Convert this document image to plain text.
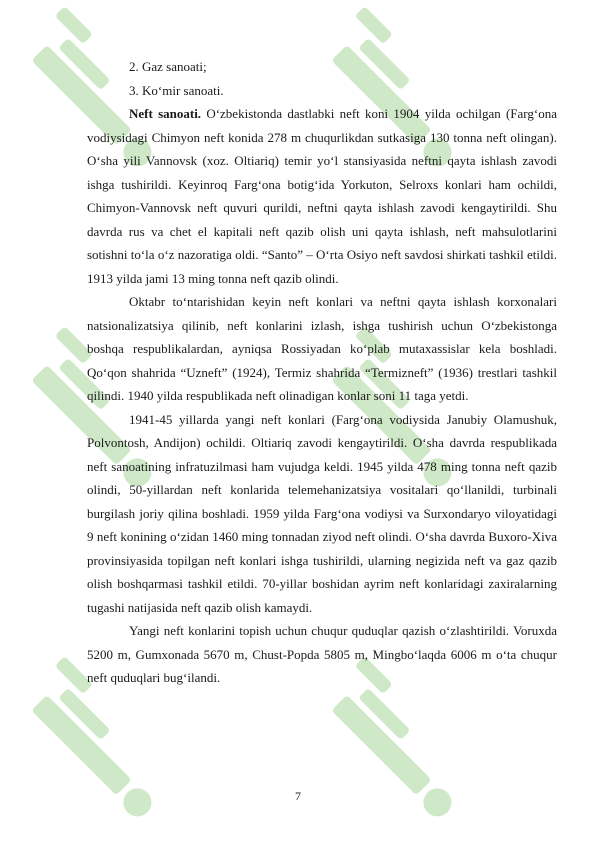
2. Gaz sanoati;

3. Ko‘mir sanoati.

Neft sanoati. O‘zbekistonda dastlabki neft koni 1904 yilda ochilgan (Farg‘ona vodiysidagi Chimyon neft konida 278 m chuqurlikdan sutkasiga 130 tonna neft olingan). O‘sha yili Vannovsk (xoz. Oltiariq) temir yo‘l stansiyasida neftni qayta ishlash zavodi ishga tushirildi. Keyinroq Farg‘ona botig‘ida Yorkuton, Selroxs konlari ham ochildi, Chimyon-Vannovsk neft quvuri qurildi, neftni qayta ishlash zavodi kengaytirildi. Shu davrda rus va chet el kapitali neft qazib olish uni qayta ishlash, neft mahsulotlarini sotishni to‘la o‘z nazoratiga oldi. “Santo” – O‘rta Osiyo neft savdosi shirkati tashkil etildi. 1913 yilda jami 13 ming tonna neft qazib olindi.

Oktabr to‘ntarishidan keyin neft konlari va neftni qayta ishlash korxonalari natsionalizatsiya qilinib, neft konlarini izlash, ishga tushirish uchun O‘zbekistonga boshqa respublikalardan, ayniqsa Rossiyadan ko‘plab mutaxassislar kela boshladi. Qo‘qon shahrida “Uzneft” (1924), Termiz shahrida “Termizneft” (1936) trestlari tashkil qilindi. 1940 yilda respublikada neft olinadigan konlar soni 11 taga yetdi.

1941-45 yillarda yangi neft konlari (Farg‘ona vodiysida Janubiy Olamushuk, Polvontosh, Andijon) ochildi. Oltiariq zavodi kengaytirildi. O‘sha davrda respublikada neft sanoatining infratuzilmasi ham vujudga keldi. 1945 yilda 478 ming tonna neft qazib olindi, 50-yillardan neft konlarida telemehanizatsiya vositalari qo‘llanildi, turbinali burgilash joriy qilina boshladi. 1959 yilda Farg‘ona vodiysi va Surxondaryo viloyatidagi 9 neft konining o‘zidan 1460 ming tonnadan ziyod neft olindi. O‘sha davrda Buxoro-Xiva provinsiyasida topilgan neft konlari ishga tushirildi, ularning negizida neft va gaz qazib olish boshqarmasi tashkil etildi. 70-yillar boshidan ayrim neft konlaridagi zaxiralarning tugashi natijasida neft qazib olish kamaydi.

Yangi neft konlarini topish uchun chuqur quduqlar qazish o‘zlashtirildi. Voruxda 5200 m, Gumxonada 5670 m, Chust-Popda 5805 m, Mingbo‘laqda 6006 m o‘ta chuqur neft quduqlari bug‘ilandi.

7
